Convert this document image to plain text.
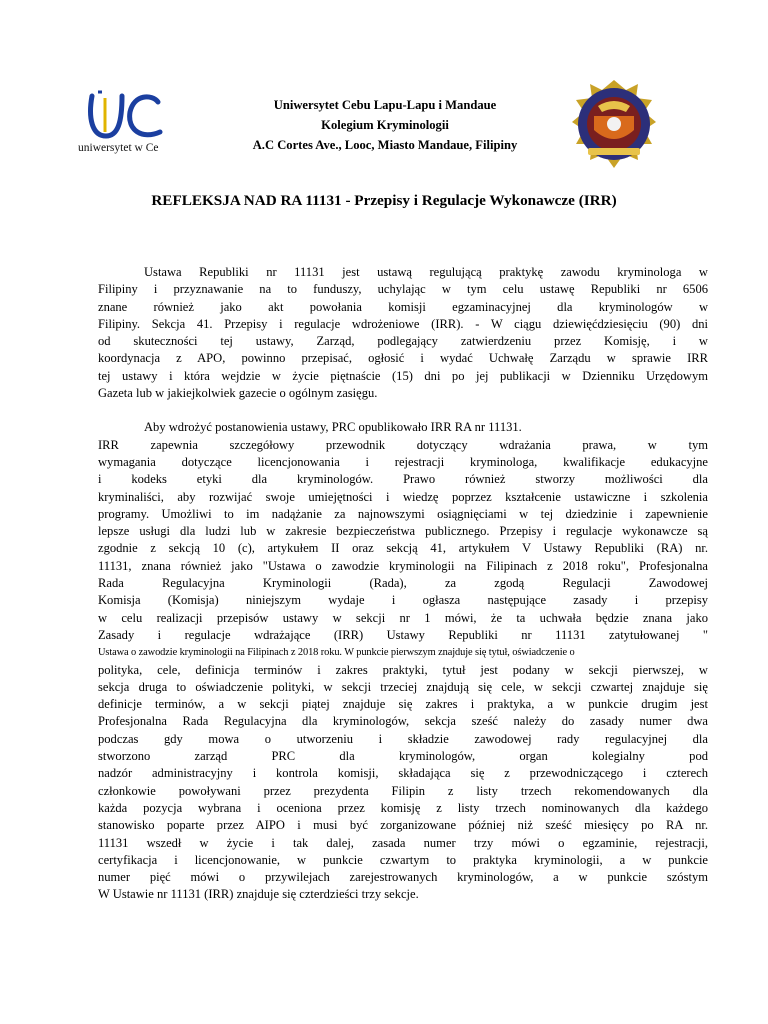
uniwersytet w Ce
Uniwersytet Cebu Lapu-Lapu i Mandaue
Kolegium Kryminologii
A.C Cortes Ave., Looc, Miasto Mandaue, Filipiny
REFLEKSJA NAD RA 11131 - Przepisy i Regulacje Wykonawcze (IRR)
Ustawa Republiki nr 11131 jest ustawą regulującą praktykę zawodu kryminologa w
Filipiny i przyznawanie na to funduszy, uchylając w tym celu ustawę Republiki nr 6506
znane również jako akt powołania komisji egzaminacyjnej dla kryminologów w
Filipiny. Sekcja 41. Przepisy i regulacje wdrożeniowe (IRR). - W ciągu dziewięćdziesięciu (90) dni
od skuteczności tej ustawy, Zarząd, podlegający zatwierdzeniu przez Komisję, i w
koordynacja z APO, powinno przepisać, ogłosić i wydać Uchwałę Zarządu w sprawie IRR
tej ustawy i która wejdzie w życie piętnaście (15) dni po jej publikacji w Dzienniku Urzędowym
Gazeta lub w jakiejkolwiek gazecie o ogólnym zasięgu.
Aby wdrożyć postanowienia ustawy, PRC opublikowało IRR RA nr 11131.
IRR zapewnia szczegółowy przewodnik dotyczący wdrażania prawa, w tym
wymagania dotyczące licencjonowania i rejestracji kryminologa, kwalifikacje edukacyjne
i kodeks etyki dla kryminologów. Prawo również stworzy możliwości dla
kryminaliści, aby rozwijać swoje umiejętności i wiedzę poprzez kształcenie ustawiczne i szkolenia
programy. Umożliwi to im nadążanie za najnowszymi osiągnięciami w tej dziedzinie i zapewnienie
lepsze usługi dla ludzi lub w zakresie bezpieczeństwa publicznego. Przepisy i regulacje wykonawcze są
zgodnie z sekcją 10 (c), artykułem II oraz sekcją 41, artykułem V Ustawy Republiki (RA) nr.
11131, znana również jako "Ustawa o zawodzie kryminologii na Filipinach z 2018 roku", Profesjonalna
Rada Regulacyjna Kryminologii (Rada), za zgodą Regulacji Zawodowej
Komisja (Komisja) niniejszym wydaje i ogłasza następujące zasady i przepisy
w celu realizacji przepisów ustawy w sekcji nr 1 mówi, że ta uchwała będzie znana jako
Zasady i regulacje wdrażające (IRR) Ustawy Republiki nr 11131 zatytułowanej "
Ustawa o zawodzie kryminologii na Filipinach z 2018 roku. W punkcie pierwszym znajduje się tytuł, oświadczenie o
polityka, cele, definicja terminów i zakres praktyki, tytuł jest podany w sekcji pierwszej, w
sekcja druga to oświadczenie polityki, w sekcji trzeciej znajdują się cele, w sekcji czwartej znajduje się
definicje terminów, a w sekcji piątej znajduje się zakres i praktyka, a w punkcie drugim jest
Profesjonalna Rada Regulacyjna dla kryminologów, sekcja sześć należy do zasady numer dwa
podczas gdy mowa o utworzeniu i składzie zawodowej rady regulacyjnej dla
stworzono zarząd PRC dla kryminologów, organ kolegialny pod
nadzór administracyjny i kontrola komisji, składająca się z przewodniczącego i czterech
członkowie powoływani przez prezydenta Filipin z listy trzech rekomendowanych dla
każda pozycja wybrana i oceniona przez komisję z listy trzech nominowanych dla każdego
stanowisko poparte przez AIPO i musi być zorganizowane później niż sześć miesięcy po RA nr.
11131 wszedł w życie i tak dalej, zasada numer trzy mówi o egzaminie, rejestracji,
certyfikacja i licencjonowanie, w punkcie czwartym to praktyka kryminologii, a w punkcie
numer pięć mówi o przywilejach zarejestrowanych kryminologów, a w punkcie szóstym
W Ustawie nr 11131 (IRR) znajduje się czterdzieści trzy sekcje.
